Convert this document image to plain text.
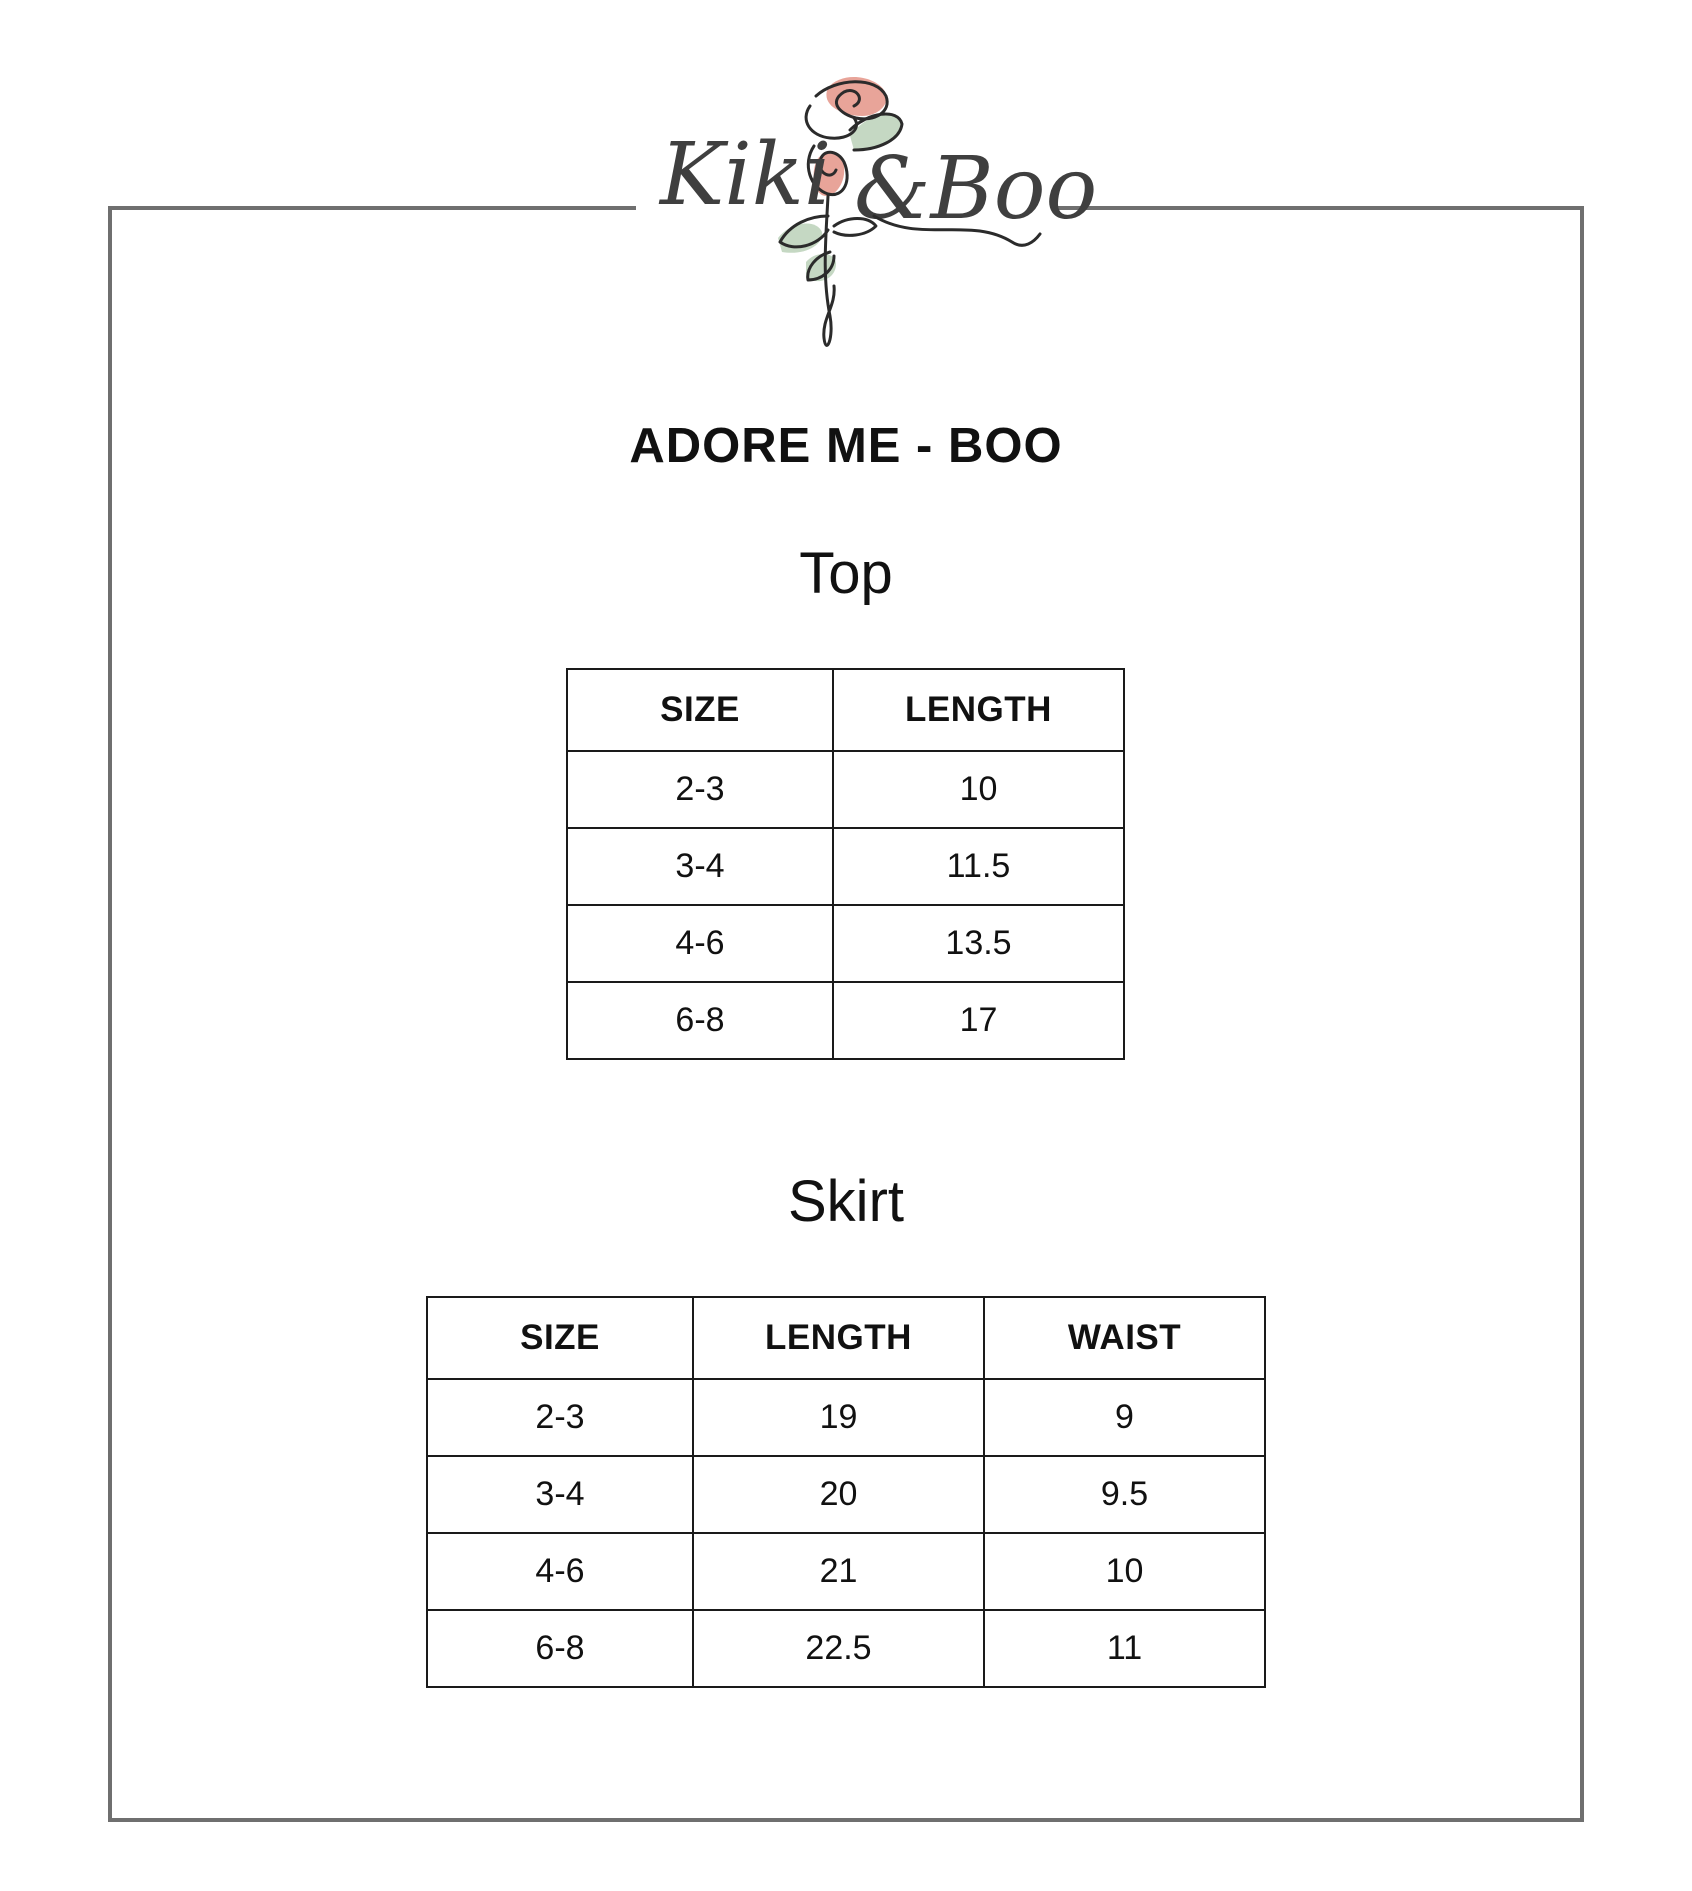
Kiki &Boo
ADORE ME - BOO
Top
SIZE	LENGTH
2-3	10
3-4	11.5
4-6	13.5
6-8	17
Skirt
SIZE	LENGTH	WAIST
2-3	19	9
3-4	20	9.5
4-6	21	10
6-8	22.5	11
